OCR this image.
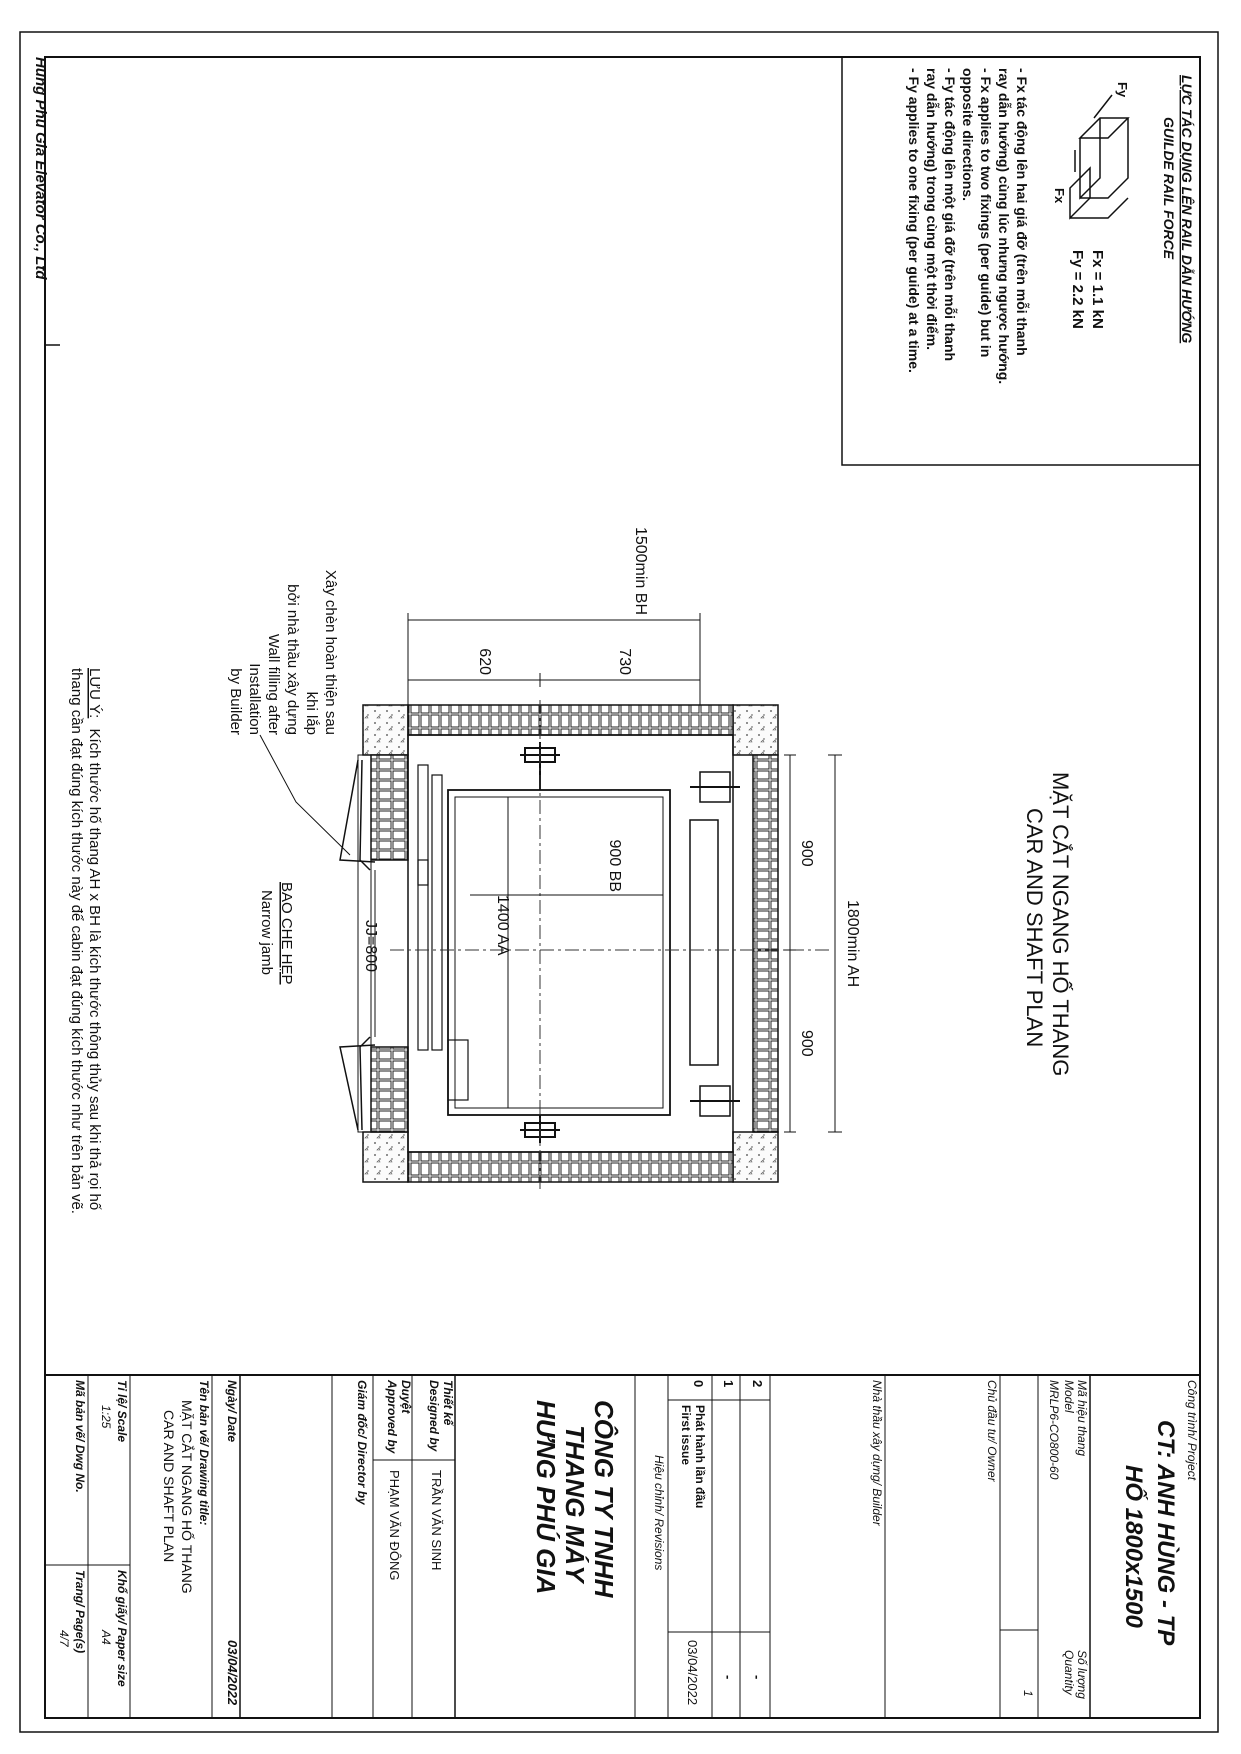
Hung Phu Gia Elevator Co., Ltd	LỰC TÁC DỤNG LÊN RAIL DẪN HƯỚNG
GUILDE RAIL FORCE
Fy
Fx
Fx = 1.1 kN
Fy = 2.2 kN
- Fx tác động lên hai giá đỡ (trên mỗi thanh
ray dẫn hướng) cùng lúc nhưng ngược hướng.
- Fx applies to two fixings (per guide) but in
opposite directions.
- Fy tác động lên một giá đỡ (trên mỗi thanh
ray dẫn hướng) trong cùng một thời điểm.
- Fy applies to one fixing (per guide) at a time.
MẶT CẮT NGANG HỐ THANG
CAR AND SHAFT PLAN
1800min AH
900
900
1500min BH
620	730
900 BB
1400 AA
JJ=800
BAO CHE HẸP
Narrow jamb
Xây chèn hoàn thiện sau
khi lắp
bởi nhà thầu xây dựng
Wall filling after
Installation
by Builder
LƯU Ý: Kích thước hố thang AH x BH là kích thước thông thủy sau khi thả rọi hố
thang cần đạt đúng kích thước này để cabin đạt đúng kích thước như trên bản vẽ.
Công trình/ Project
CT: ANH HÙNG - TP
HỐ 1800x1500
Mã hiệu thang
Model
MRLP6-CO800-60
Số lượng
Quantity
1
Chủ đầu tư/ Owner
Nhà thầu xây dựng/ Builder
2
-
1
-
0
Phát hành lần đầu
First issue
03/04/2022
Hiệu chỉnh/ Revisions
CÔNG TY TNHH
THANG MÁY
HƯNG PHÚ GIA
Thiết kế
Designed by
TRẦN VĂN SINH
Duyệt
Approved by
PHẠM VĂN ĐÔNG
Giám đốc/ Director by
Ngày/ Date
03/04/2022
Tên bản vẽ/ Drawing title:
MẶT CẮT NGANG HỐ THANG
CAR AND SHAFT PLAN
Tỉ lệ/ Scale
1:25
Khổ giấy/ Paper size
A4
Mã bản vẽ/ Dwg No.
Trang/ Page(s)
4/7
